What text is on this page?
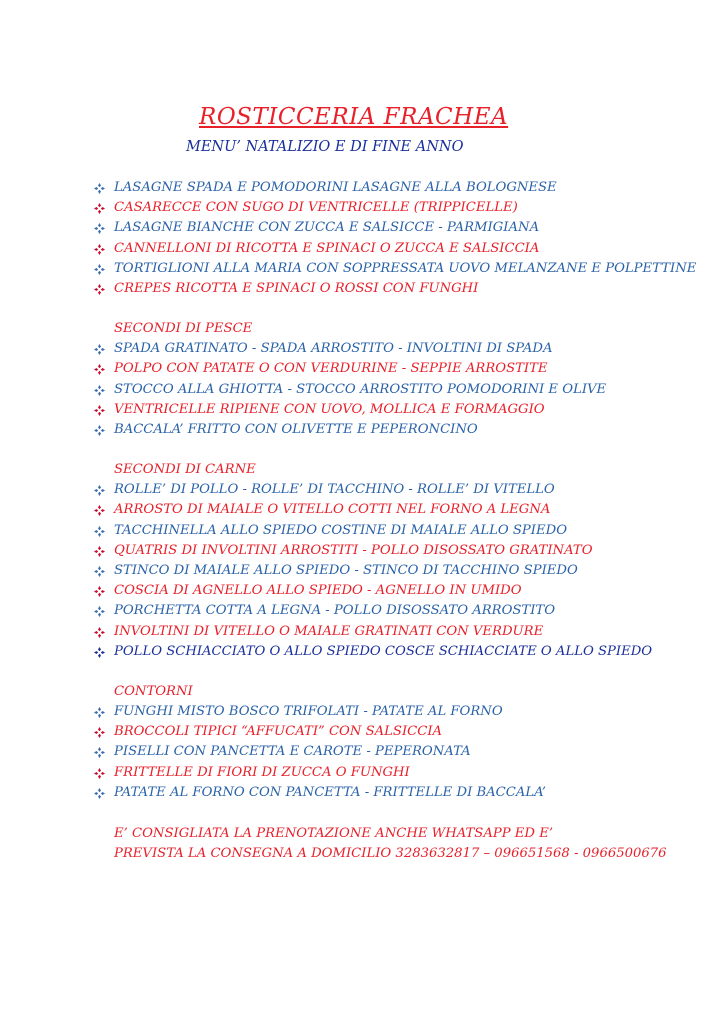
ROSTICCERIA FRACHEA
MENU’ NATALIZIO E DI FINE ANNO
LASAGNE SPADA E POMODORINI LASAGNE ALLA BOLOGNESE
CASARECCE CON SUGO DI VENTRICELLE (TRIPPICELLE)
LASAGNE BIANCHE CON ZUCCA E SALSICCE - PARMIGIANA
CANNELLONI DI RICOTTA E SPINACI O ZUCCA E SALSICCIA
TORTIGLIONI ALLA MARIA CON SOPPRESSATA UOVO MELANZANE E POLPETTINE
CREPES RICOTTA E SPINACI O ROSSI CON FUNGHI
SECONDI DI PESCE
SPADA GRATINATO - SPADA ARROSTITO - INVOLTINI DI SPADA
POLPO CON PATATE O CON VERDURINE - SEPPIE ARROSTITE
STOCCO ALLA GHIOTTA - STOCCO ARROSTITO POMODORINI E OLIVE
VENTRICELLE RIPIENE CON UOVO, MOLLICA E FORMAGGIO
BACCALA’ FRITTO CON OLIVETTE E PEPERONCINO
SECONDI DI CARNE
ROLLE’ DI POLLO - ROLLE’ DI TACCHINO - ROLLE’ DI VITELLO
ARROSTO DI MAIALE O VITELLO COTTI NEL FORNO A LEGNA
TACCHINELLA ALLO SPIEDO COSTINE DI MAIALE ALLO SPIEDO
QUATRIS DI INVOLTINI ARROSTITI - POLLO DISOSSATO GRATINATO
STINCO DI MAIALE ALLO SPIEDO - STINCO DI TACCHINO SPIEDO
COSCIA DI AGNELLO ALLO SPIEDO - AGNELLO IN UMIDO
PORCHETTA COTTA A LEGNA - POLLO DISOSSATO ARROSTITO
INVOLTINI DI VITELLO O MAIALE GRATINATI CON VERDURE
POLLO SCHIACCIATO O ALLO SPIEDO COSCE SCHIACCIATE O ALLO SPIEDO
CONTORNI
FUNGHI MISTO BOSCO TRIFOLATI - PATATE AL FORNO
BROCCOLI TIPICI “AFFUCATI” CON SALSICCIA
PISELLI CON PANCETTA E CAROTE - PEPERONATA
FRITTELLE DI FIORI DI ZUCCA O FUNGHI
PATATE AL FORNO CON PANCETTA - FRITTELLE DI BACCALA’
E’ CONSIGLIATA LA PRENOTAZIONE ANCHE WHATSAPP ED E’
PREVISTA LA CONSEGNA A DOMICILIO 3283632817 – 096651568 - 0966500676
